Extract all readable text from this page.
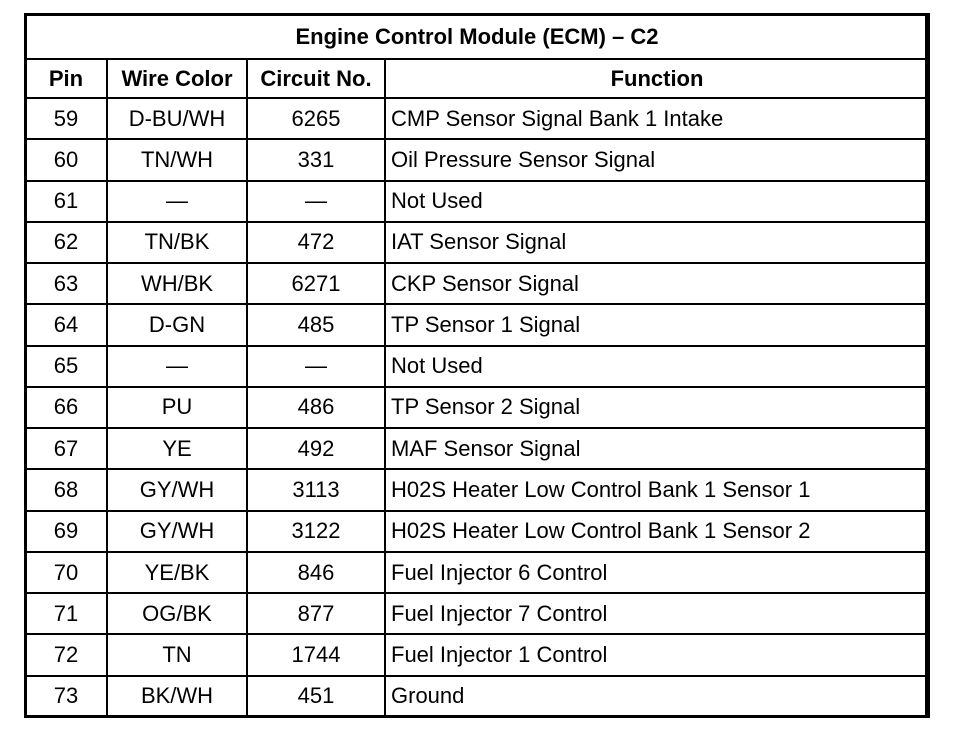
Engine Control Module (ECM) – C2			
Pin	Wire Color	Circuit No.	Function
59	D-BU/WH	6265	CMP Sensor Signal Bank 1 Intake
60	TN/WH	331	Oil Pressure Sensor Signal
61	—	—	Not Used
62	TN/BK	472	IAT Sensor Signal
63	WH/BK	6271	CKP Sensor Signal
64	D-GN	485	TP Sensor 1 Signal
65	—	—	Not Used
66	PU	486	TP Sensor 2 Signal
67	YE	492	MAF Sensor Signal
68	GY/WH	3113	H02S Heater Low Control Bank 1 Sensor 1
69	GY/WH	3122	H02S Heater Low Control Bank 1 Sensor 2
70	YE/BK	846	Fuel Injector 6 Control
71	OG/BK	877	Fuel Injector 7 Control
72	TN	1744	Fuel Injector 1 Control
73	BK/WH	451	Ground
